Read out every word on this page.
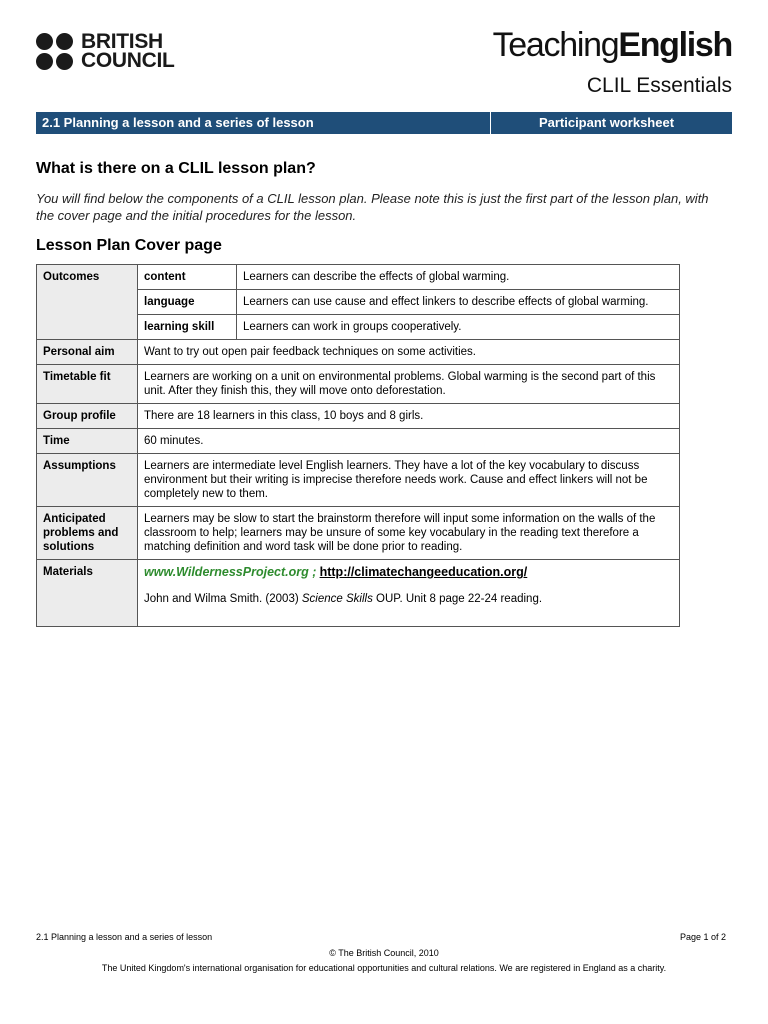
BRITISH
COUNCIL	TeachingEnglish
CLIL Essentials
2.1 Planning a lesson and a series of lesson	Participant worksheet
What is there on a CLIL lesson plan?

You will find below the components of a CLIL lesson plan. Please note this is just the first part of the lesson plan, with the cover page and the initial procedures for the lesson.

Lesson Plan Cover page
Outcomes	content	Learners can describe the effects of global warming.
	language	Learners can use cause and effect linkers to describe effects of global warming.
	learning skill	Learners can work in groups cooperatively.
Personal aim	Want to try out open pair feedback techniques on some activities.	
Timetable fit	Learners are working on a unit on environmental problems. Global warming is the second part of this unit. After they finish this, they will move onto deforestation.	
Group profile	There are 18 learners in this class, 10 boys and 8 girls.	
Time	60 minutes.	
Assumptions	Learners are intermediate level English learners. They have a lot of the key vocabulary to discuss environment but their writing is imprecise therefore needs work. Cause and effect linkers will not be completely new to them.	
Anticipated problems and solutions	Learners may be slow to start the brainstorm therefore will input some information on the walls of the classroom to help; learners may be unsure of some key vocabulary in the reading text therefore a matching definition and word task will be done prior to reading.	
Materials	www.WildernessProject.org ; http://climatechangeeducation.org/
John and Wilma Smith. (2003) Science Skills OUP. Unit 8 page 22-24 reading.	
2.1 Planning a lesson and a series of lesson	Page 1 of 2
© The British Council, 2010
The United Kingdom's international organisation for educational opportunities and cultural relations. We are registered in England as a charity.
